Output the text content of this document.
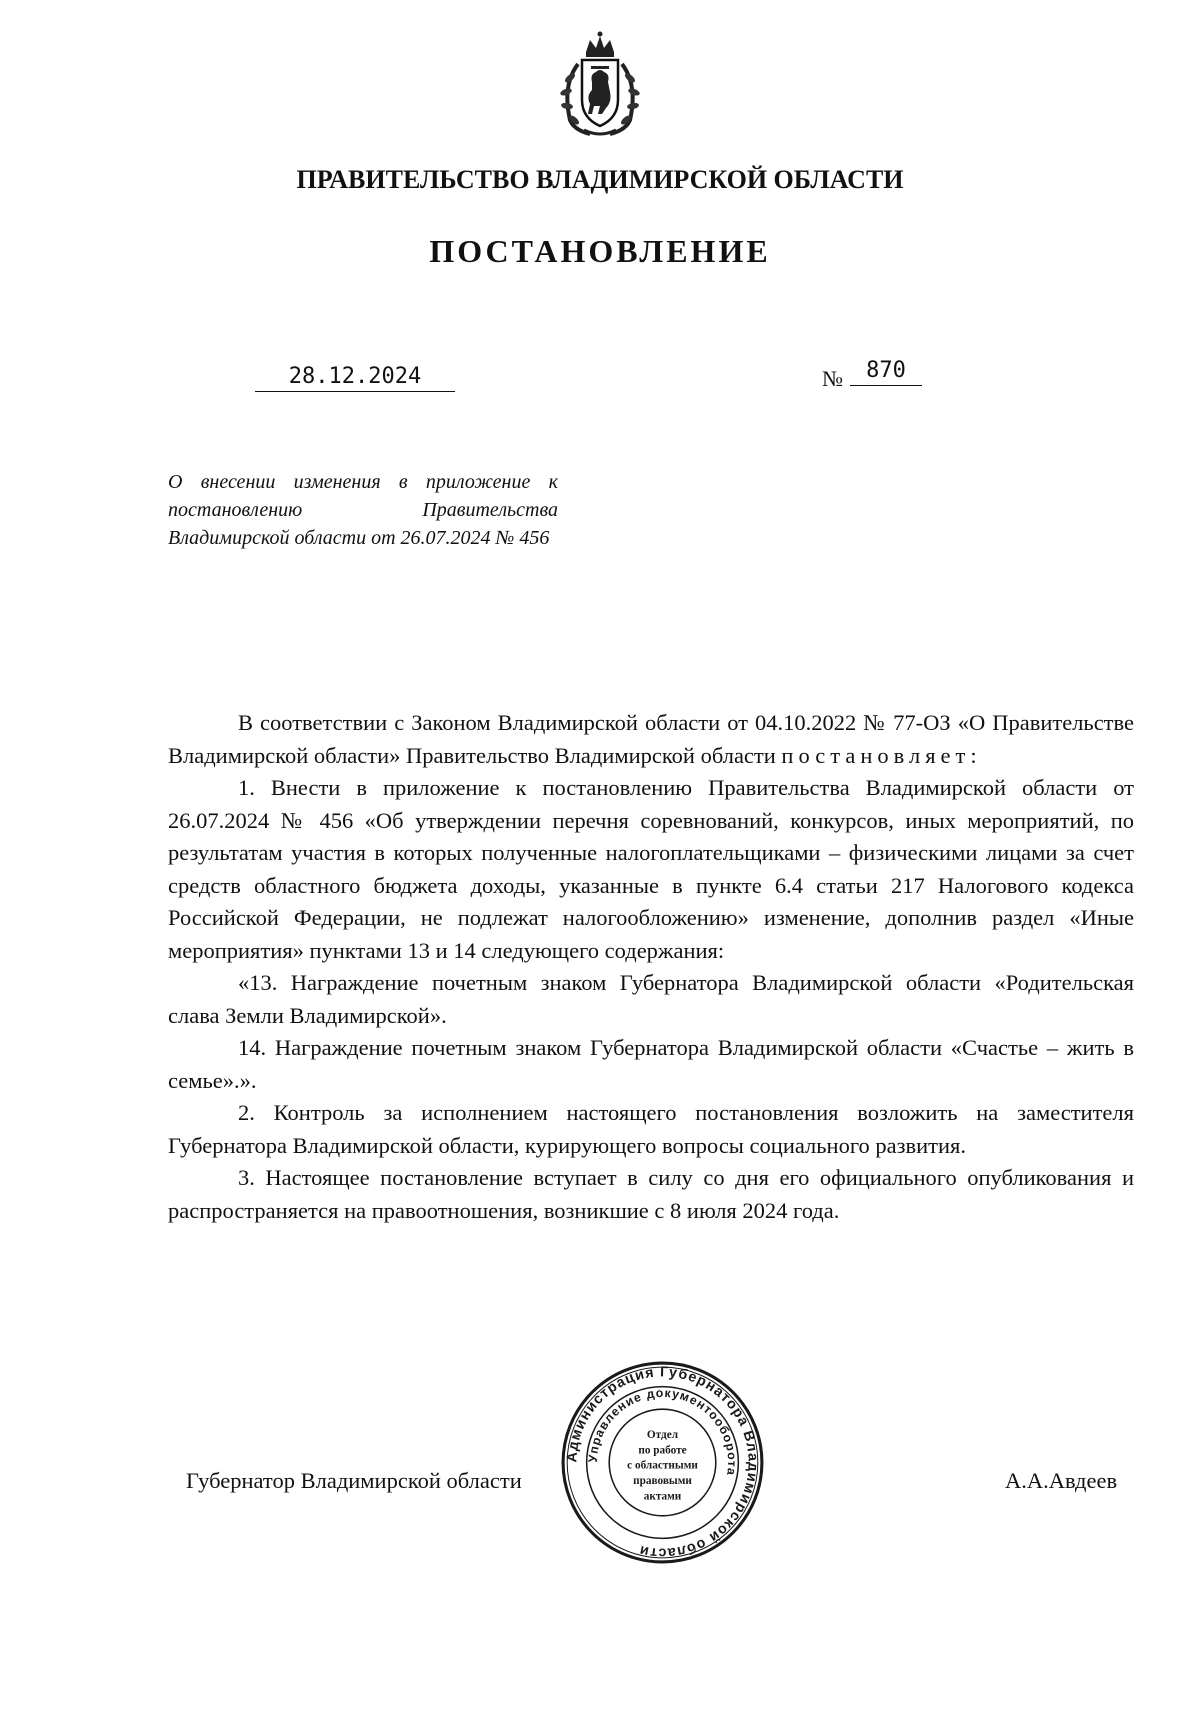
ПРАВИТЕЛЬСТВО ВЛАДИМИРСКОЙ ОБЛАСТИ
ПОСТАНОВЛЕНИЕ
28.12.2024	№	870
О внесении изменения в приложение к постановлению Правительства Владимирской области от 26.07.2024 № 456

В соответствии с Законом Владимирской области от 04.10.2022 № 77-ОЗ «О Правительстве Владимирской области» Правительство Владимирской области постановляет:

1. Внести в приложение к постановлению Правительства Владимирской области от 26.07.2024 № 456 «Об утверждении перечня соревнований, конкурсов, иных мероприятий, по результатам участия в которых полученные налогоплательщиками – физическими лицами за счет средств областного бюджета доходы, указанные в пункте 6.4 статьи 217 Налогового кодекса Российской Федерации, не подлежат налогообложению» изменение, дополнив раздел «Иные мероприятия» пунктами 13 и 14 следующего содержания:

«13. Награждение почетным знаком Губернатора Владимирской области «Родительская слава Земли Владимирской».

14. Награждение почетным знаком Губернатора Владимирской области «Счастье – жить в семье».».

2. Контроль за исполнением настоящего постановления возложить на заместителя Губернатора Владимирской области, курирующего вопросы социального развития.

3. Настоящее постановление вступает в силу со дня его официального опубликования и распространяется на правоотношения, возникшие с 8 июля 2024 года.

Губернатор Владимирской области	А.А.Авдеев
Администрация Губернатора Владимирской области
Управление документооборота
Отдел
по работе
с областными
правовыми
актами
